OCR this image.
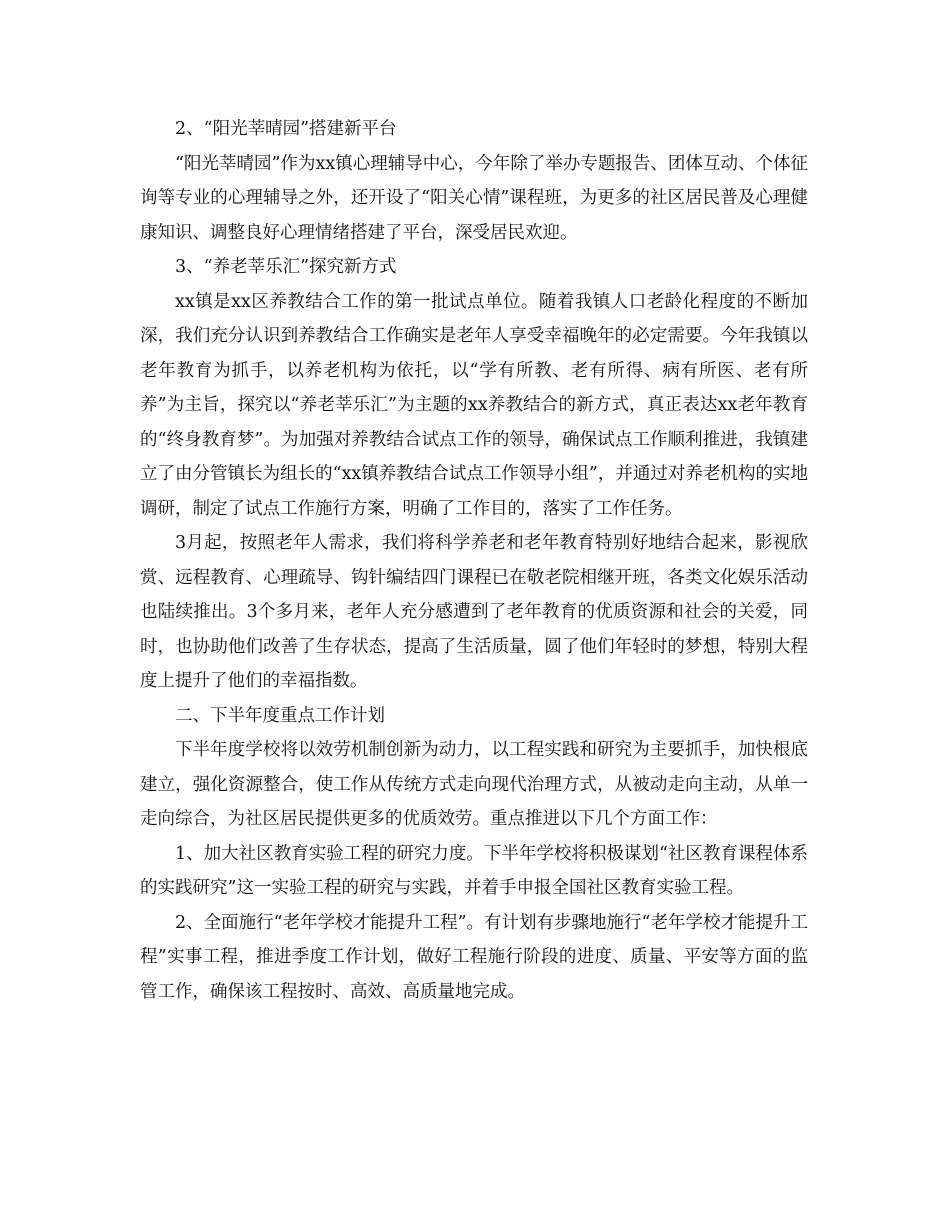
2、“阳光莘晴园”搭建新平台

“阳光莘晴园”作为xx镇心理辅导中心，今年除了举办专题报告、团体互动、个体征询等专业的心理辅导之外，还开设了“阳关心情”课程班，为更多的社区居民普及心理健康知识、调整良好心理情绪搭建了平台，深受居民欢迎。

3、“养老莘乐汇”探究新方式

xx镇是xx区养教结合工作的第一批试点单位。随着我镇人口老龄化程度的不断加深，我们充分认识到养教结合工作确实是老年人享受幸福晚年的必定需要。今年我镇以老年教育为抓手，以养老机构为依托，以“学有所教、老有所得、病有所医、老有所养”为主旨，探究以“养老莘乐汇”为主题的xx养教结合的新方式，真正表达xx老年教育的“终身教育梦”。为加强对养教结合试点工作的领导，确保试点工作顺利推进，我镇建立了由分管镇长为组长的“xx镇养教结合试点工作领导小组”，并通过对养老机构的实地调研，制定了试点工作施行方案，明确了工作目的，落实了工作任务。

3月起，按照老年人需求，我们将科学养老和老年教育特别好地结合起来，影视欣赏、远程教育、心理疏导、钩针编结四门课程已在敬老院相继开班，各类文化娱乐活动也陆续推出。3个多月来，老年人充分感遭到了老年教育的优质资源和社会的关爱，同时，也协助他们改善了生存状态，提高了生活质量，圆了他们年轻时的梦想，特别大程度上提升了他们的幸福指数。

二、下半年度重点工作计划

下半年度学校将以效劳机制创新为动力，以工程实践和研究为主要抓手，加快根底建立，强化资源整合，使工作从传统方式走向现代治理方式，从被动走向主动，从单一走向综合，为社区居民提供更多的优质效劳。重点推进以下几个方面工作：

1、加大社区教育实验工程的研究力度。下半年学校将积极谋划“社区教育课程体系的实践研究”这一实验工程的研究与实践，并着手申报全国社区教育实验工程。

2、全面施行“老年学校才能提升工程”。有计划有步骤地施行“老年学校才能提升工程”实事工程，推进季度工作计划，做好工程施行阶段的进度、质量、平安等方面的监管工作，确保该工程按时、高效、高质量地完成。
